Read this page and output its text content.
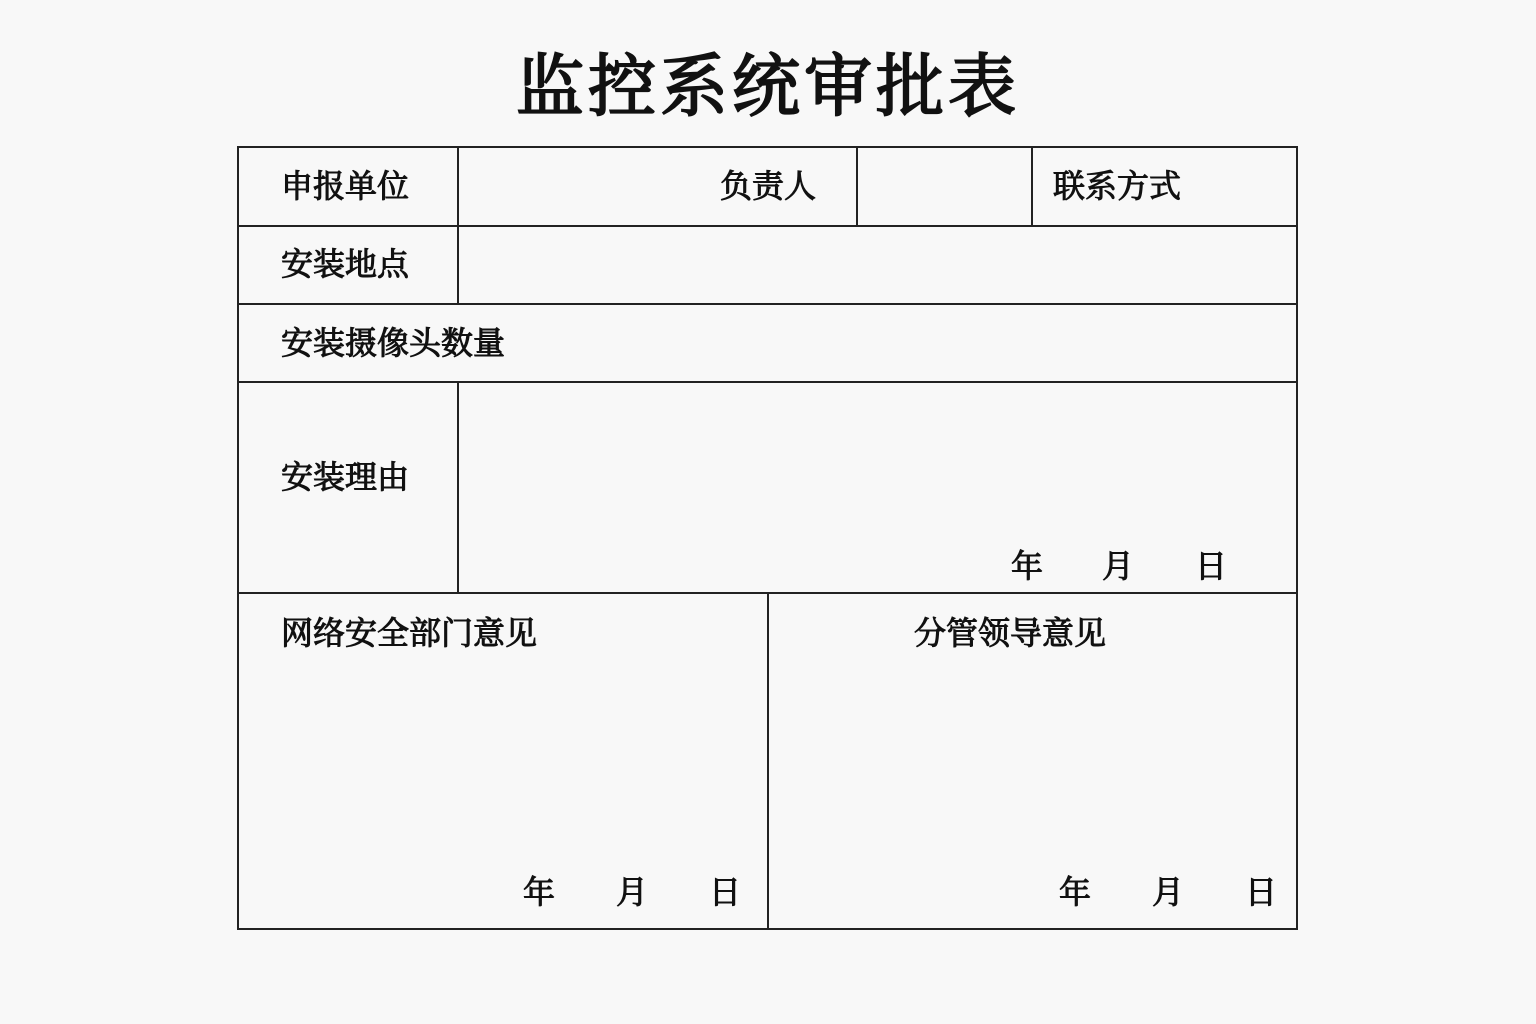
监控系统审批表
申报单位	负责人	联系方式
安装地点
安装摄像头数量
安装理由
年 月 日
网络安全部门意见
年 月 日
分管领导意见
年 月 日
